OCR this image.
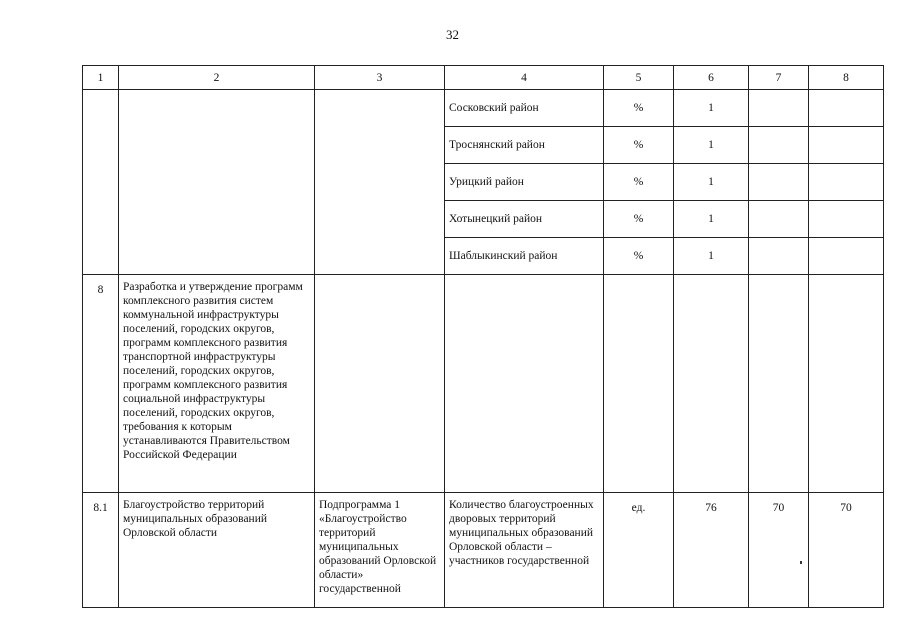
32
1	2	3	4	5	6	7	8
			Сосковский район	%	1		
			Троснянский район	%	1		
			Урицкий район	%	1		
			Хотынецкий район	%	1		
			Шаблыкинский район	%	1		
8	Разработка и утверждение программ комплексного развития систем коммунальной инфраструктуры поселений, городских округов, программ комплексного развития транспортной инфраструктуры поселений, городских округов, программ комплексного развития социальной инфраструктуры поселений, городских округов, требования к которым устанавливаются Правительством Российской Федерации						
8.1	Благоустройство территорий муниципальных образований Орловской области	Подпрограмма 1 «Благоустройство территорий муниципальных образований Орловской области» государственной	Количество благоустроенных дворовых территорий муниципальных образований Орловской области – участников государственной	ед.	76	70	70
